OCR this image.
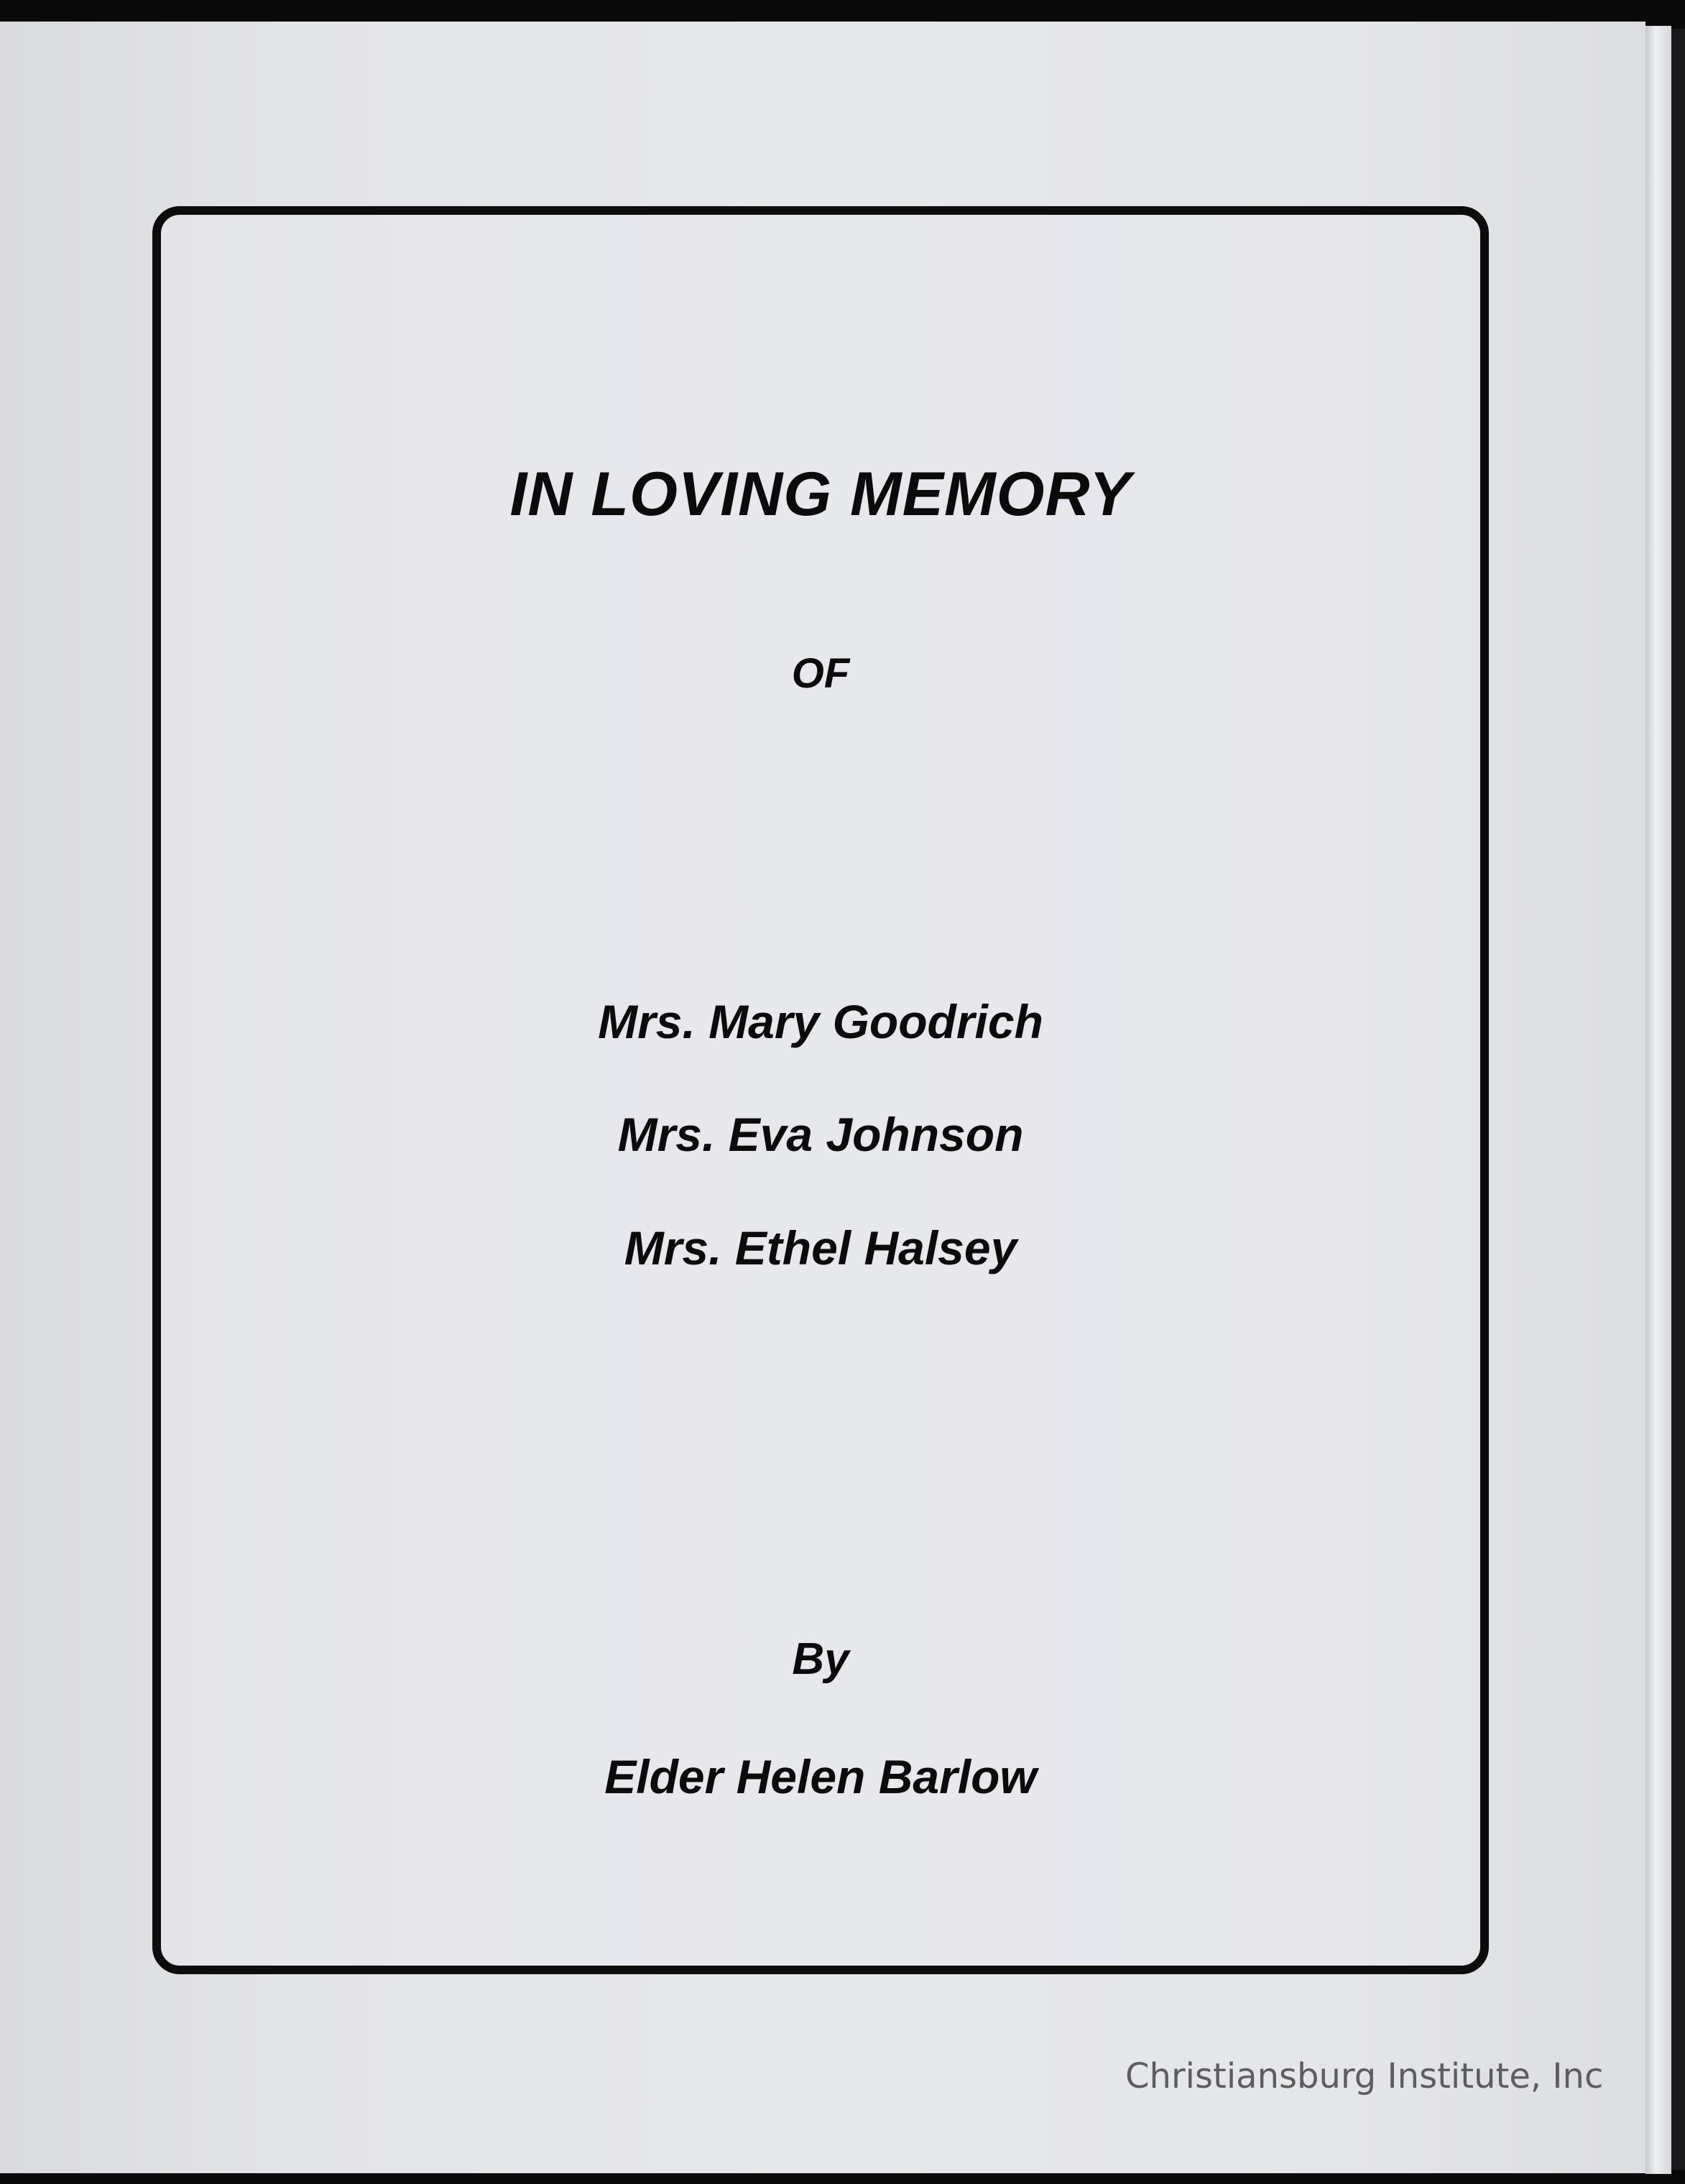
IN LOVING MEMORY
OF
Mrs. Mary Goodrich
Mrs. Eva Johnson
Mrs. Ethel Halsey
By
Elder Helen Barlow
Christiansburg Institute, Inc
